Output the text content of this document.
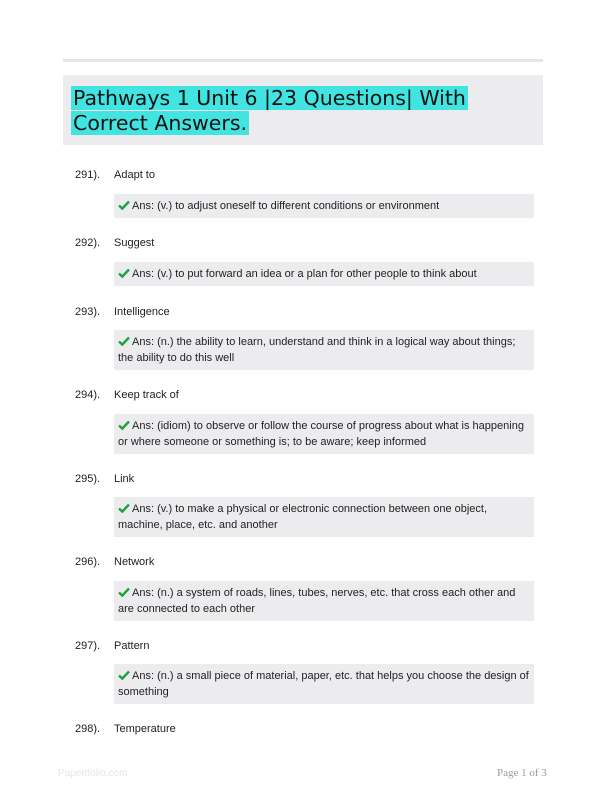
Pathways 1 Unit 6 |23 Questions| With Correct Answers.
291). Adapt to
Ans: (v.) to adjust oneself to different conditions or environment
292). Suggest
Ans: (v.) to put forward an idea or a plan for other people to think about
293). Intelligence
Ans: (n.) the ability to learn, understand and think in a logical way about things; the ability to do this well
294). Keep track of
Ans: (idiom) to observe or follow the course of progress about what is happening or where someone or something is; to be aware; keep informed
295). Link
Ans: (v.) to make a physical or electronic connection between one object, machine, place, etc. and another
296). Network
Ans: (n.) a system of roads, lines, tubes, nerves, etc. that cross each other and are connected to each other
297). Pattern
Ans: (n.) a small piece of material, paper, etc. that helps you choose the design of something
298). Temperature
Papertfolio.com	Page 1 of 3
